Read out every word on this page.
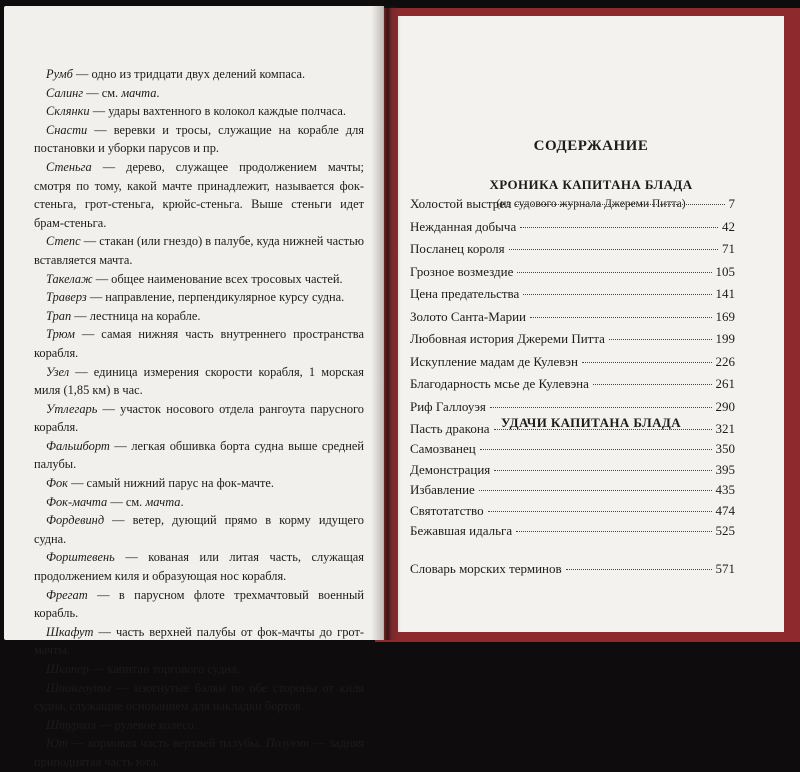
Румб — одно из тридцати двух делений компаса.

Салинг — см. мачта.

Склянки — удары вахтенного в колокол каждые полчаса.

Снасти — веревки и тросы, служащие на корабле для постановки и уборки парусов и пр.

Стеньга — дерево, служащее продолжением мачты; смотря по тому, какой мачте принадлежит, называется фок-стеньга, грот-стеньга, крюйс-стеньга. Выше стеньги идет брам-стеньга.

Степс — стакан (или гнездо) в палубе, куда нижней частью вставляется мачта.

Такелаж — общее наименование всех тросовых частей.

Траверз — направление, перпендикулярное курсу судна.

Трап — лестница на корабле.

Трюм — самая нижняя часть внутреннего пространства корабля.

Узел — единица измерения скорости корабля, 1 морская миля (1,85 км) в час.

Утлегарь — участок носового отдела рангоута парусного корабля.

Фальшборт — легкая обшивка борта судна выше средней палубы.

Фок — самый нижний парус на фок-мачте.

Фок-мачта — см. мачта.

Фордевинд — ветер, дующий прямо в корму идущего судна.

Форштевень — кованая или литая часть, служащая продолжением киля и образующая нос корабля.

Фрегат — в парусном флоте трехмачтовый военный корабль.

Шкафут — часть верхней палубы от фок-мачты до грот-мачты.

Шкипер — капитан торгового судна.

Шпангоуты — изогнутые балки по обе стороны от киля судна, служащие основанием для накладки бортов.

Штурвал — рулевое колесо.

Ют — кормовая часть верхней палубы. Полуют — задняя приподнятая часть юта.

СОДЕРЖАНИЕ
ХРОНИКА КАПИТАНА БЛАДА
(из судового журнала Джереми Питта)
Холостой выстрел	7
Нежданная добыча	42
Посланец короля	71
Грозное возмездие	105
Цена предательства	141
Золото Санта-Марии	169
Любовная история Джереми Питта	199
Искупление мадам де Кулевэн	226
Благодарность мсье де Кулевэна	261
Риф Галлоуэя	290
УДАЧИ КАПИТАНА БЛАДА
Пасть дракона	321
Самозванец	350
Демонстрация	395
Избавление	435
Святотатство	474
Бежавшая идальга	525
Словарь морских терминов	571
